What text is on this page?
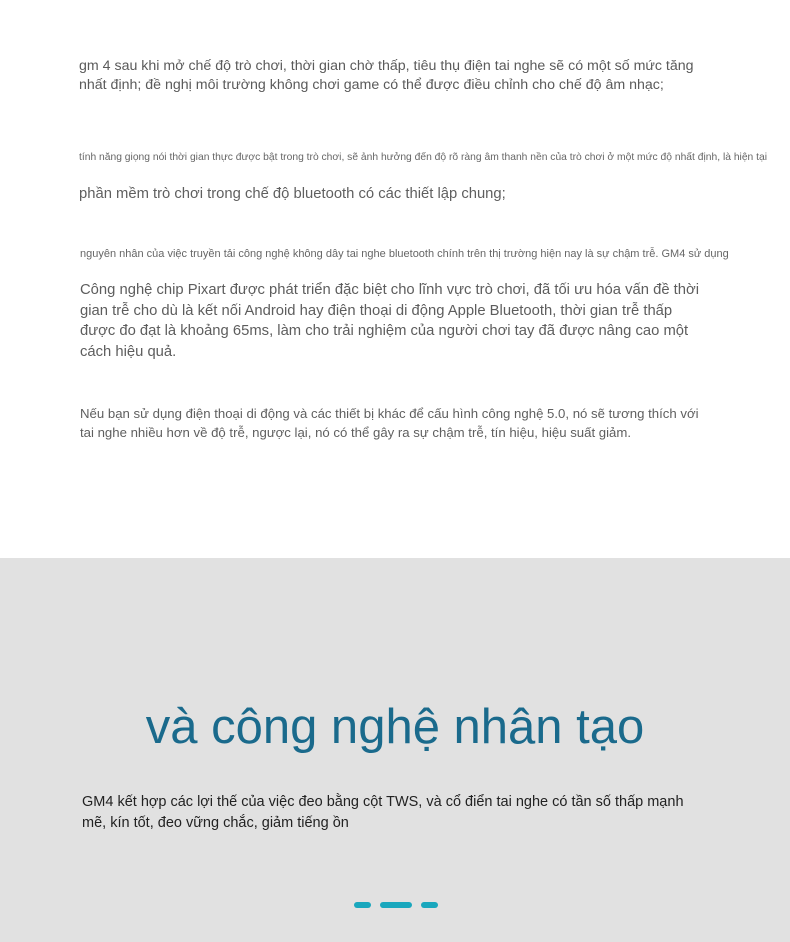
gm 4 sau khi mở chế độ trò chơi, thời gian chờ thấp, tiêu thụ điện tai nghe sẽ có một số mức tăng nhất định; đề nghị môi trường không chơi game có thể được điều chỉnh cho chế độ âm nhạc;

tính năng giọng nói thời gian thực được bật trong trò chơi, sẽ ảnh hưởng đến độ rõ ràng âm thanh nền của trò chơi ở một mức độ nhất định, là hiện tại

phần mềm trò chơi trong chế độ bluetooth có các thiết lập chung;

nguyên nhân của việc truyền tải công nghệ không dây tai nghe bluetooth chính trên thị trường hiện nay là sự chậm trễ. GM4 sử dụng

Công nghệ chip Pixart được phát triển đặc biệt cho lĩnh vực trò chơi, đã tối ưu hóa vấn đề thời gian trễ cho dù là kết nối Android hay điện thoại di động Apple Bluetooth, thời gian trễ thấp được đo đạt là khoảng 65ms, làm cho trải nghiệm của người chơi tay đã được nâng cao một cách hiệu quả.

Nếu bạn sử dụng điện thoại di động và các thiết bị khác để cấu hình công nghệ 5.0, nó sẽ tương thích với tai nghe nhiều hơn về độ trễ, ngược lại, nó có thể gây ra sự chậm trễ, tín hiệu, hiệu suất giảm.

và công nghệ nhân tạo

GM4 kết hợp các lợi thế của việc đeo bằng cột TWS, và cổ điển tai nghe có tần số thấp mạnh mẽ, kín tốt, đeo vững chắc, giảm tiếng ồn
